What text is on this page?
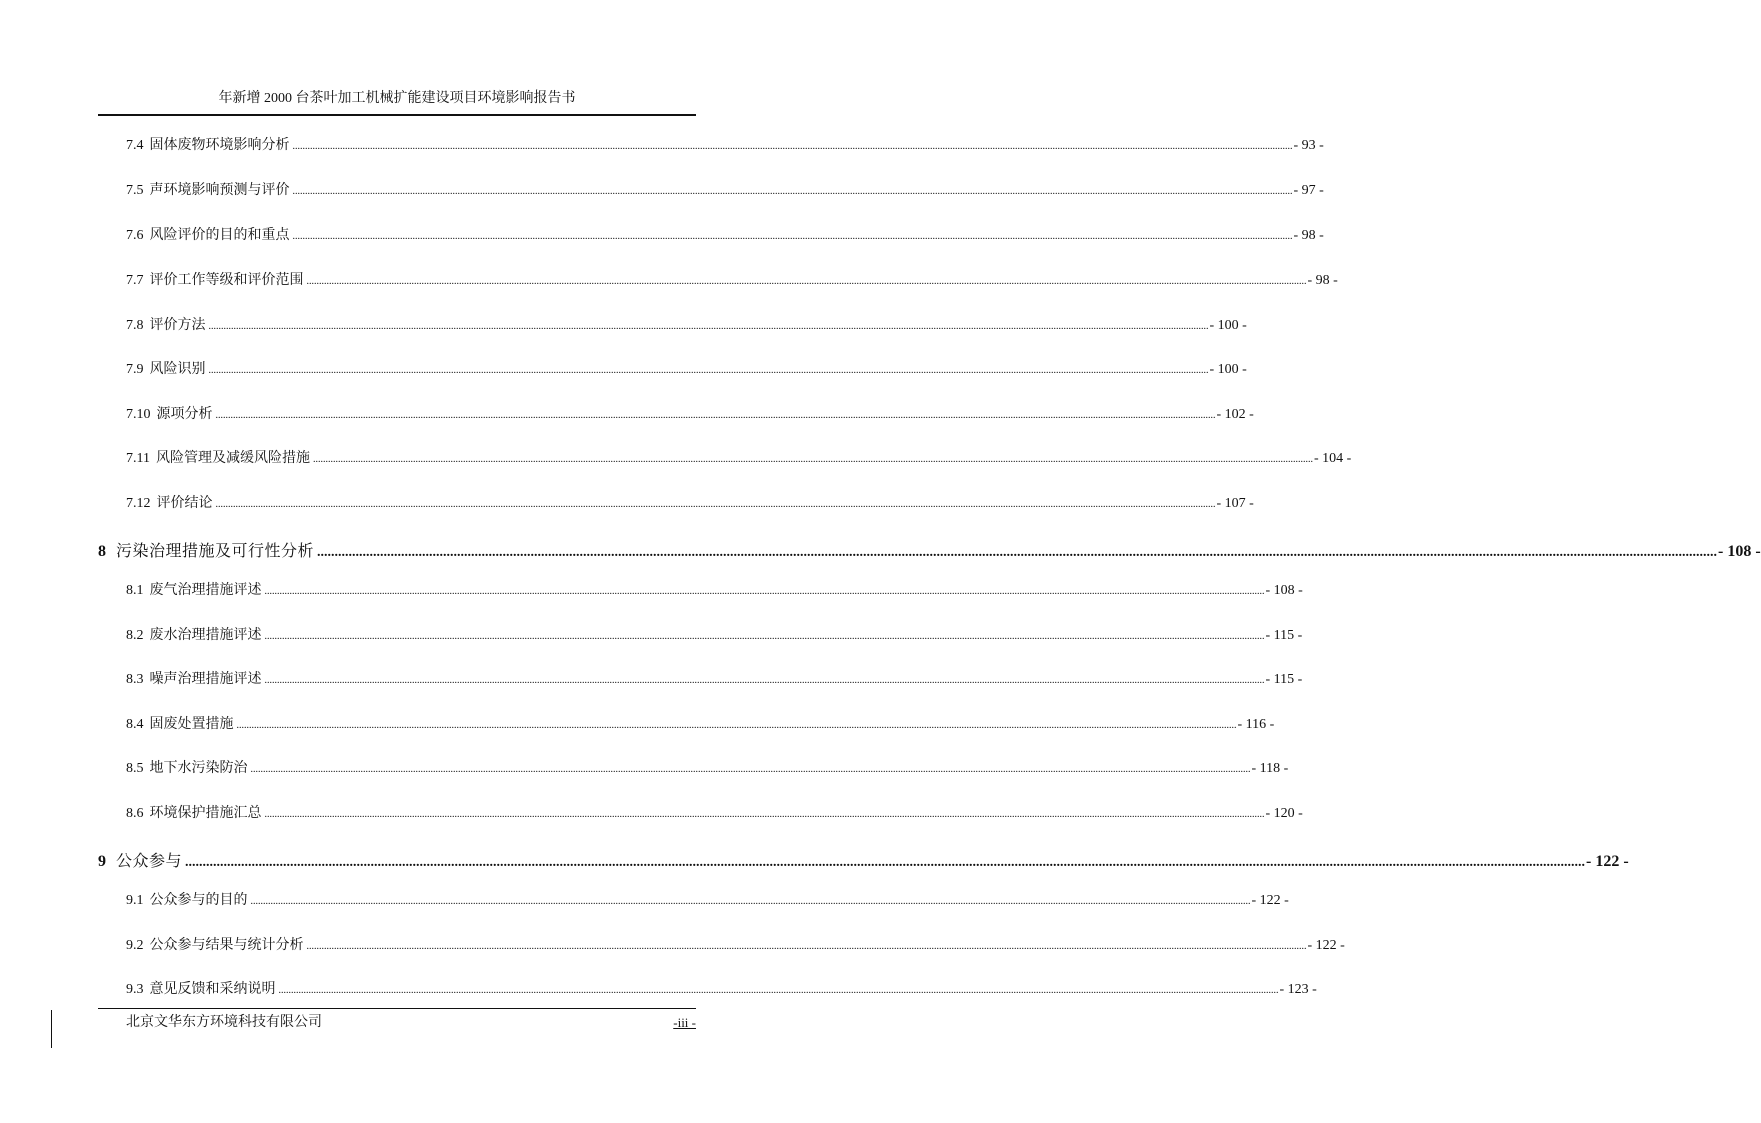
年新增 2000 台茶叶加工机械扩能建设项目环境影响报告书
7.4 固体废物环境影响分析 ................................................................................................................................................................................................................................................................................................................................................................................................................ - 93 -
7.5 声环境影响预测与评价 ................................................................................................................................................................................................................................................................................................................................................................................................................ - 97 -
7.6 风险评价的目的和重点 ................................................................................................................................................................................................................................................................................................................................................................................................................ - 98 -
7.7 评价工作等级和评价范围 ................................................................................................................................................................................................................................................................................................................................................................................................................ - 98 -
7.8 评价方法 ................................................................................................................................................................................................................................................................................................................................................................................................................ - 100 -
7.9 风险识别 ................................................................................................................................................................................................................................................................................................................................................................................................................ - 100 -
7.10 源项分析 ................................................................................................................................................................................................................................................................................................................................................................................................................ - 102 -
7.11 风险管理及减缓风险措施 ................................................................................................................................................................................................................................................................................................................................................................................................................ - 104 -
7.12 评价结论 ................................................................................................................................................................................................................................................................................................................................................................................................................ - 107 -
8 污染治理措施及可行性分析 ................................................................................................................................................................................................................................................................................................................................................................................................................ - 108 -
8.1 废气治理措施评述 ................................................................................................................................................................................................................................................................................................................................................................................................................ - 108 -
8.2 废水治理措施评述 ................................................................................................................................................................................................................................................................................................................................................................................................................ - 115 -
8.3 噪声治理措施评述 ................................................................................................................................................................................................................................................................................................................................................................................................................ - 115 -
8.4 固废处置措施 ................................................................................................................................................................................................................................................................................................................................................................................................................ - 116 -
8.5 地下水污染防治 ................................................................................................................................................................................................................................................................................................................................................................................................................ - 118 -
8.6 环境保护措施汇总 ................................................................................................................................................................................................................................................................................................................................................................................................................ - 120 -
9 公众参与 ................................................................................................................................................................................................................................................................................................................................................................................................................ - 122 -
9.1 公众参与的目的 ................................................................................................................................................................................................................................................................................................................................................................................................................ - 122 -
9.2 公众参与结果与统计分析 ................................................................................................................................................................................................................................................................................................................................................................................................................ - 122 -
9.3 意见反馈和采纳说明 ................................................................................................................................................................................................................................................................................................................................................................................................................ - 123 -
北京文华东方环境科技有限公司	-iii -
